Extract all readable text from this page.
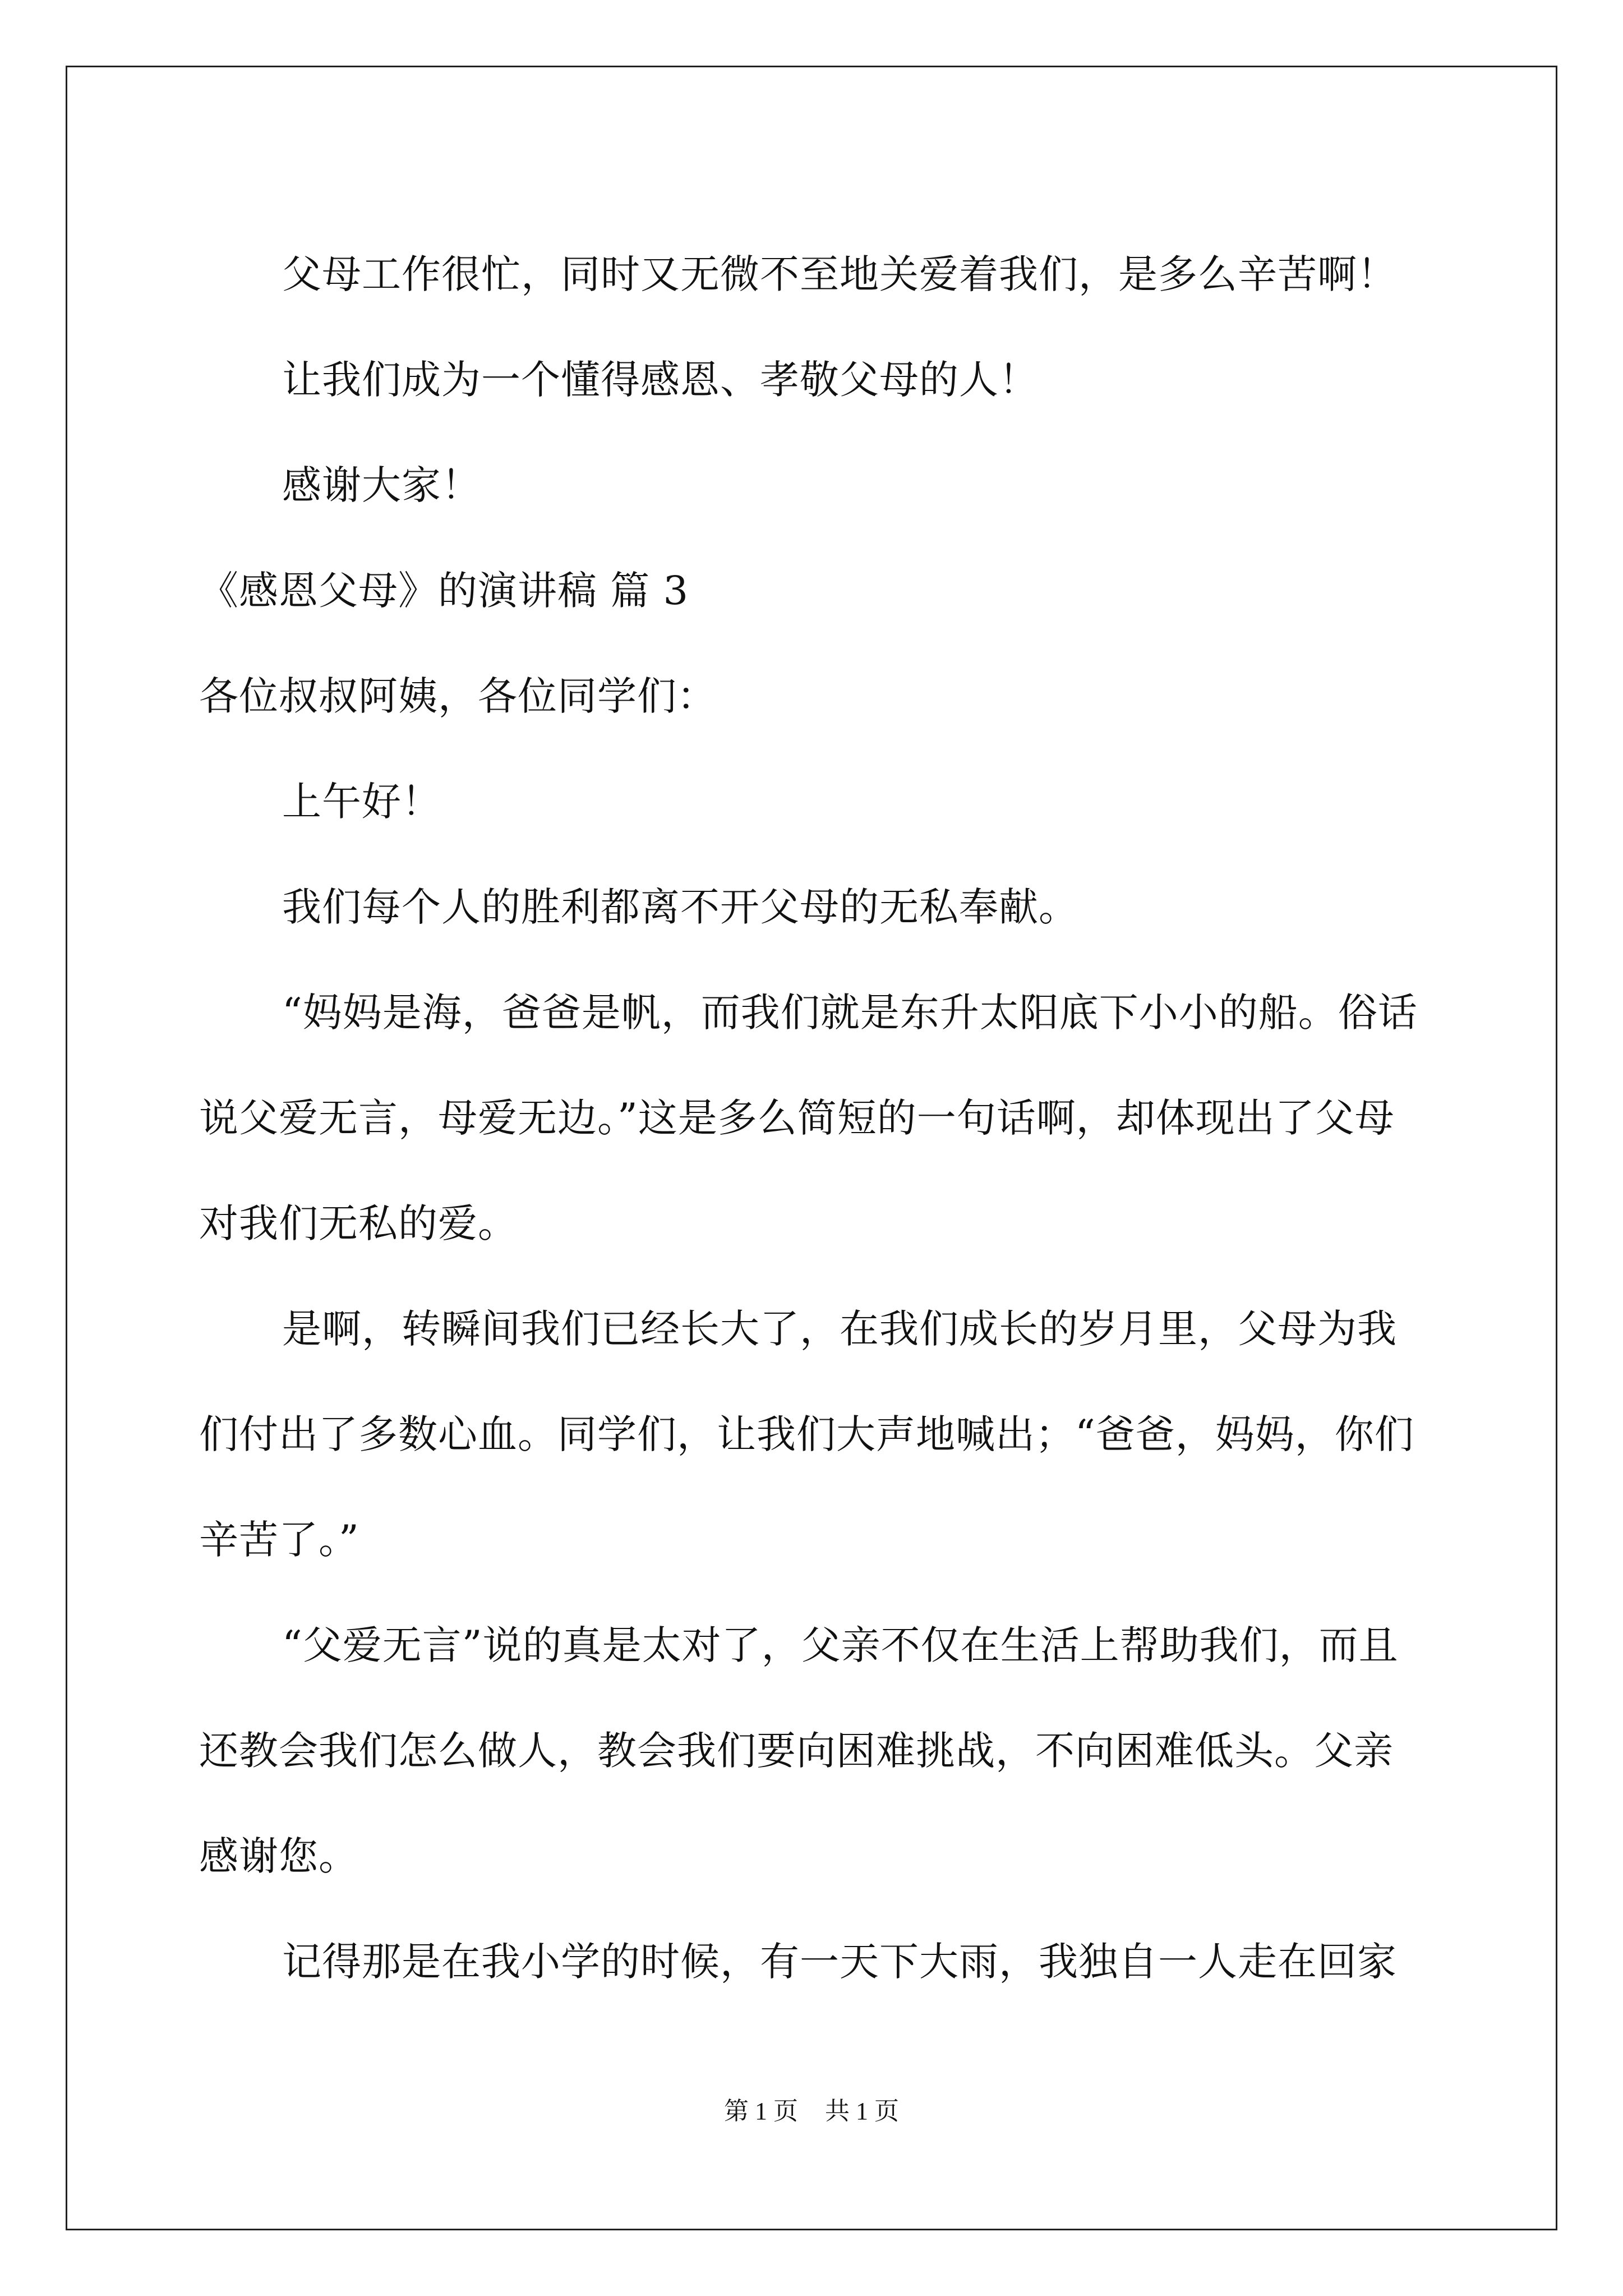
父母工作很忙，同时又无微不至地关爱着我们，是多么辛苦啊！

让我们成为一个懂得感恩、孝敬父母的人！

感谢大家！

《感恩父母》的演讲稿 篇 3

各位叔叔阿姨，各位同学们：

上午好！

我们每个人的胜利都离不开父母的无私奉献。

“妈妈是海，爸爸是帆，而我们就是东升太阳底下小小的船。俗话说父爱无言，母爱无边。”这是多么简短的一句话啊，却体现出了父母对我们无私的爱。

是啊，转瞬间我们已经长大了，在我们成长的岁月里，父母为我们付出了多数心血。同学们，让我们大声地喊出；“爸爸，妈妈，你们辛苦了。”

“父爱无言”说的真是太对了，父亲不仅在生活上帮助我们，而且还教会我们怎么做人，教会我们要向困难挑战，不向困难低头。父亲感谢您。

记得那是在我小学的时候，有一天下大雨，我独自一人走在回家

第 1 页 共 1 页
